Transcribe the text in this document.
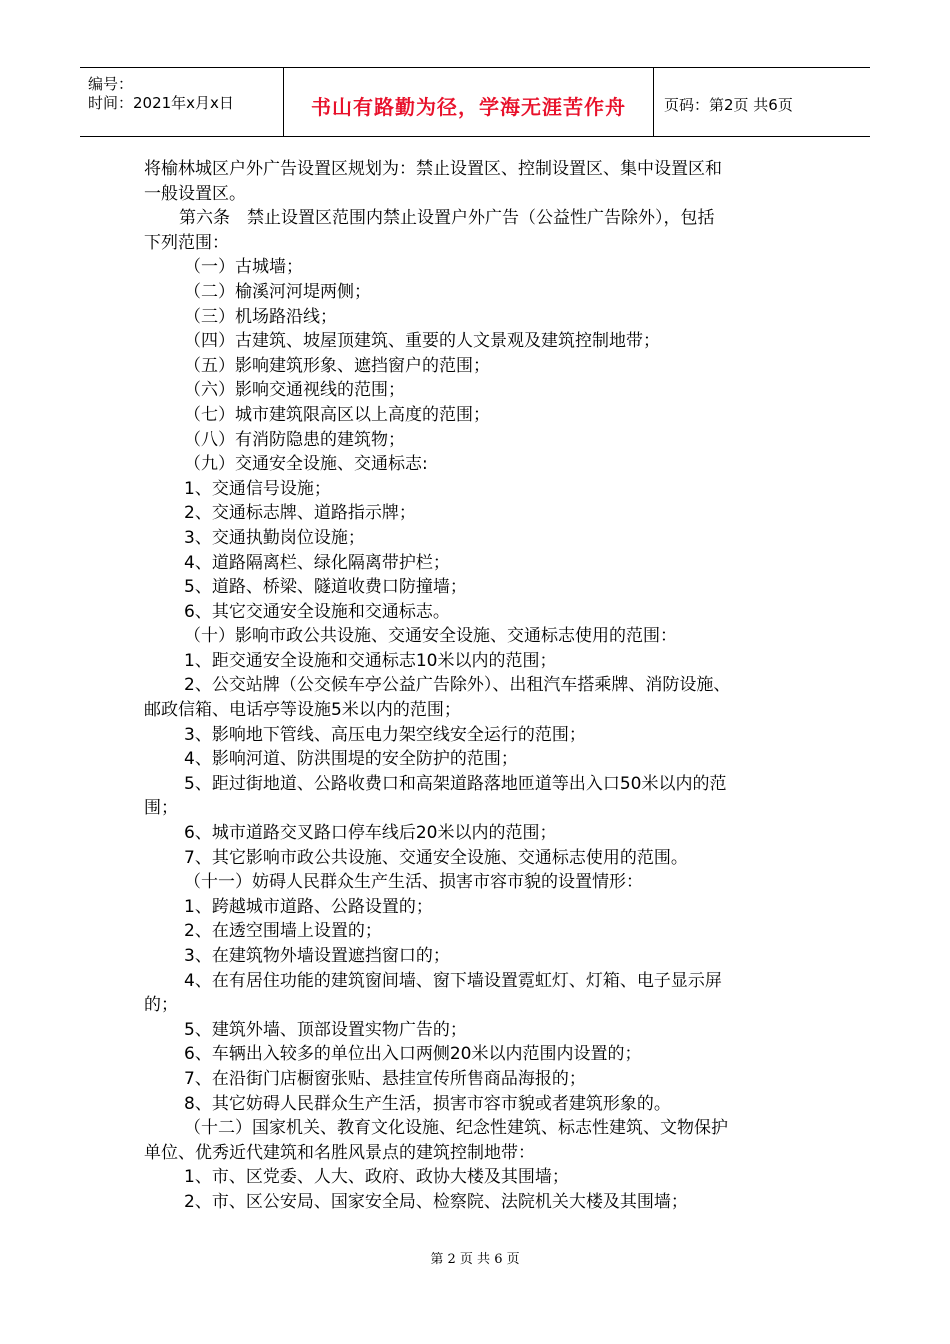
编号：
时间：2021年x月x日	书山有路勤为径，学海无涯苦作舟	页码：第2页 共6页
将榆林城区户外广告设置区规划为：禁止设置区、控制设置区、集中设置区和
一般设置区。
第六条　禁止设置区范围内禁止设置户外广告（公益性广告除外），包括
下列范围：
（一）古城墙；
（二）榆溪河河堤两侧；
（三）机场路沿线；
（四）古建筑、坡屋顶建筑、重要的人文景观及建筑控制地带；
（五）影响建筑形象、遮挡窗户的范围；
（六）影响交通视线的范围；
（七）城市建筑限高区以上高度的范围；
（八）有消防隐患的建筑物；
（九）交通安全设施、交通标志:
1、交通信号设施；
2、交通标志牌、道路指示牌；
3、交通执勤岗位设施；
4、道路隔离栏、绿化隔离带护栏；
5、道路、桥梁、隧道收费口防撞墙；
6、其它交通安全设施和交通标志。
（十）影响市政公共设施、交通安全设施、交通标志使用的范围：
1、距交通安全设施和交通标志10米以内的范围；
2、公交站牌（公交候车亭公益广告除外）、出租汽车搭乘牌、消防设施、
邮政信箱、电话亭等设施5米以内的范围；
3、影响地下管线、高压电力架空线安全运行的范围；
4、影响河道、防洪围堤的安全防护的范围；
5、距过街地道、公路收费口和高架道路落地匝道等出入口50米以内的范
围；
6、城市道路交叉路口停车线后20米以内的范围；
7、其它影响市政公共设施、交通安全设施、交通标志使用的范围。
（十一）妨碍人民群众生产生活、损害市容市貌的设置情形：
1、跨越城市道路、公路设置的；
2、在透空围墙上设置的；
3、在建筑物外墙设置遮挡窗口的；
4、在有居住功能的建筑窗间墙、窗下墙设置霓虹灯、灯箱、电子显示屏
的；
5、建筑外墙、顶部设置实物广告的；
6、车辆出入较多的单位出入口两侧20米以内范围内设置的；
7、在沿街门店橱窗张贴、悬挂宣传所售商品海报的；
8、其它妨碍人民群众生产生活，损害市容市貌或者建筑形象的。
（十二）国家机关、教育文化设施、纪念性建筑、标志性建筑、文物保护
单位、优秀近代建筑和名胜风景点的建筑控制地带：
1、市、区党委、人大、政府、政协大楼及其围墙；
2、市、区公安局、国家安全局、检察院、法院机关大楼及其围墙；
第 2 页 共 6 页
